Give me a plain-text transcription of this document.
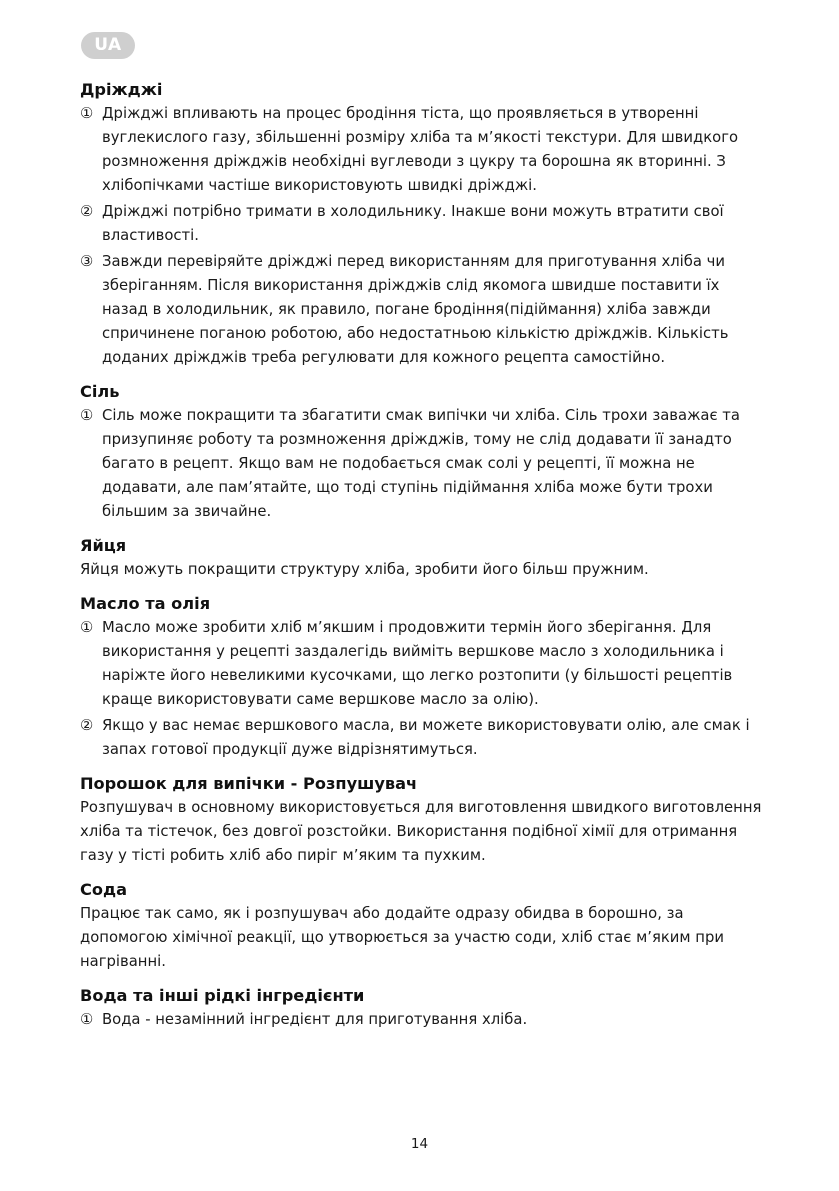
UA
Дріжджі
① Дріжджі впливають на процес бродіння тіста, що проявляється в утворенні вуглекислого газу, збільшенні розміру хліба та м’якості текстури. Для швидкого розмноження дріжджів необхідні вуглеводи з цукру та борошна як вторинні. З хлібопічками частіше використовують швидкі дріжджі.
② Дріжджі потрібно тримати в холодильнику. Інакше вони можуть втратити свої властивості.
③ Завжди перевіряйте дріжджі перед використанням для приготування хліба чи зберіганням. Після використання дріжджів слід якомога швидше поставити їх назад в холодильник, як правило, погане бродіння(підіймання) хліба завжди спричинене поганою роботою, або недостатньою кількістю дріжджів. Кількість доданих дріжджів треба регулювати для кожного рецепта самостійно.
Сіль
① Сіль може покращити та збагатити смак випічки чи хліба. Сіль трохи заважає та призупиняє роботу та розмноження дріжджів, тому не слід додавати її занадто багато в рецепт. Якщо вам не подобається смак солі у рецепті, її можна не додавати, але пам’ятайте, що тоді ступінь підіймання хліба може бути трохи більшим за звичайне.
Яйця
Яйця можуть покращити структуру хліба, зробити його більш пружним.
Масло та олія
① Масло може зробити хліб м’якшим і продовжити термін його зберігання. Для використання у рецепті заздалегідь вийміть вершкове масло з холодильника і наріжте його невеликими кусочками, що легко розтопити (у більшості рецептів краще використовувати саме вершкове масло за олію).
② Якщо у вас немає вершкового масла, ви можете використовувати олію, але смак і запах готової продукції дуже відрізнятимуться.
Порошок для випічки - Розпушувач
Розпушувач в основному використовується для виготовлення швидкого виготовлення хліба та тістечок, без довгої розстойки. Використання подібної хімії для отримання газу у тісті робить хліб або пиріг м’яким та пухким.
Сода
Працює так само, як і розпушувач або додайте одразу обидва в борошно, за допомогою хімічної реакції, що утворюється за участю соди, хліб стає м’яким при нагріванні.
Вода та інші рідкі інгредієнти
① Вода - незамінний інгредієнт для приготування хліба.
14
